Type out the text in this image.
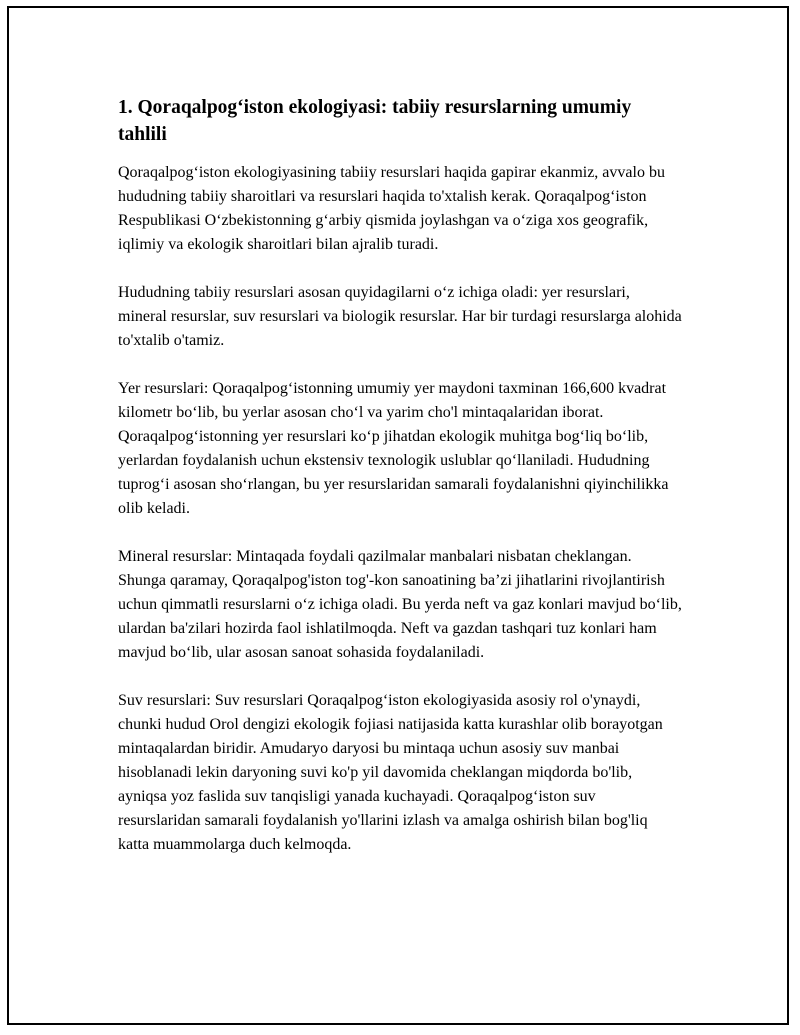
1. Qoraqalpog‘iston ekologiyasi: tabiiy resurslarning umumiy tahlili

Qoraqalpog‘iston ekologiyasining tabiiy resurslari haqida gapirar ekanmiz, avvalo bu hududning tabiiy sharoitlari va resurslari haqida to'xtalish kerak. Qoraqalpog‘iston Respublikasi O‘zbekistonning g‘arbiy qismida joylashgan va o‘ziga xos geografik, iqlimiy va ekologik sharoitlari bilan ajralib turadi.

Hududning tabiiy resurslari asosan quyidagilarni o‘z ichiga oladi: yer resurslari, mineral resurslar, suv resurslari va biologik resurslar. Har bir turdagi resurslarga alohida to'xtalib o'tamiz.

Yer resurslari: Qoraqalpog‘istonning umumiy yer maydoni taxminan 166,600 kvadrat kilometr bo‘lib, bu yerlar asosan cho‘l va yarim cho'l mintaqalaridan iborat. Qoraqalpog‘istonning yer resurslari ko‘p jihatdan ekologik muhitga bog‘liq bo‘lib, yerlardan foydalanish uchun ekstensiv texnologik uslublar qo‘llaniladi. Hududning tuprog‘i asosan sho‘rlangan, bu yer resurslaridan samarali foydalanishni qiyinchilikka olib keladi.

Mineral resurslar: Mintaqada foydali qazilmalar manbalari nisbatan cheklangan. Shunga qaramay, Qoraqalpog'iston tog'-kon sanoatining ba’zi jihatlarini rivojlantirish uchun qimmatli resurslarni o‘z ichiga oladi. Bu yerda neft va gaz konlari mavjud bo‘lib, ulardan ba'zilari hozirda faol ishlatilmoqda. Neft va gazdan tashqari tuz konlari ham mavjud bo‘lib, ular asosan sanoat sohasida foydalaniladi.

Suv resurslari: Suv resurslari Qoraqalpog‘iston ekologiyasida asosiy rol o'ynaydi, chunki hudud Orol dengizi ekologik fojiasi natijasida katta kurashlar olib borayotgan mintaqalardan biridir. Amudaryo daryosi bu mintaqa uchun asosiy suv manbai hisoblanadi lekin daryoning suvi ko'p yil davomida cheklangan miqdorda bo'lib, ayniqsa yoz faslida suv tanqisligi yanada kuchayadi. Qoraqalpog‘iston suv resurslaridan samarali foydalanish yo'llarini izlash va amalga oshirish bilan bog'liq katta muammolarga duch kelmoqda.
